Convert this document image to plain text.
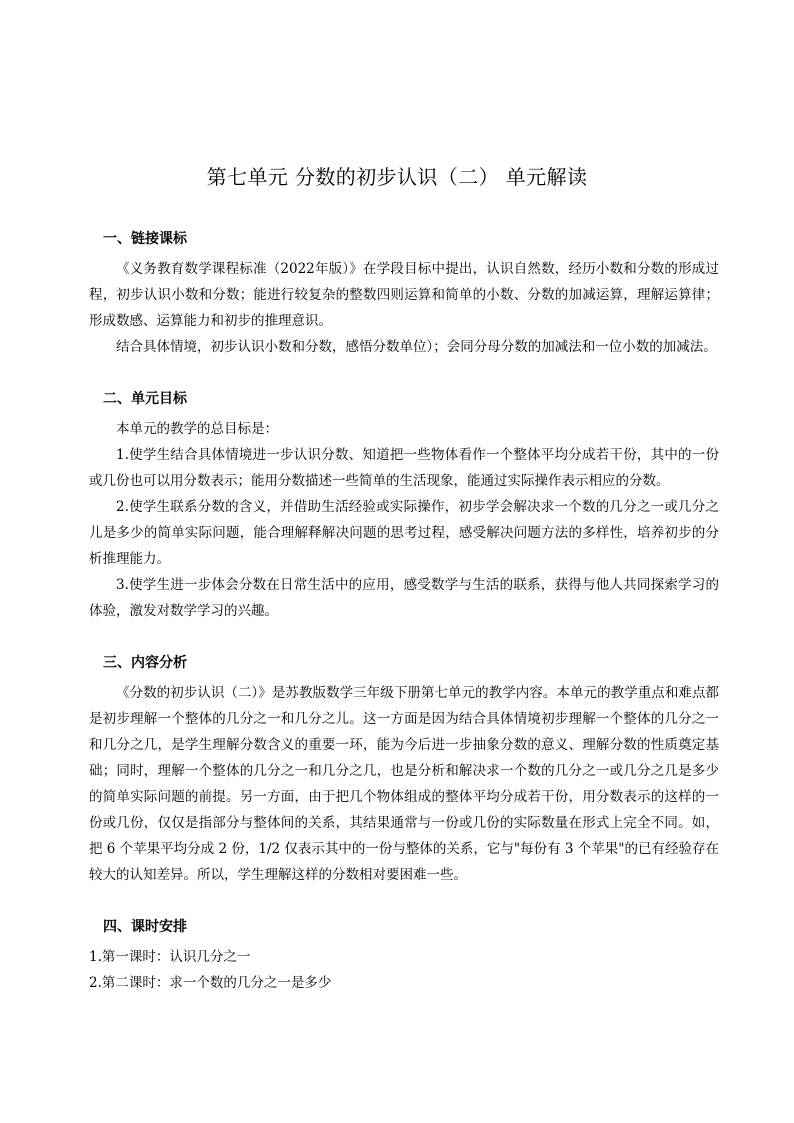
第七单元 分数的初步认识（二） 单元解读

一、链接课标

《义务教育数学课程标准（2022年版）》在学段目标中提出，认识自然数，经历小数和分数的形成过程，初步认识小数和分数；能进行较复杂的整数四则运算和简单的小数、分数的加减运算，理解运算律；形成数感、运算能力和初步的推理意识。

结合具体情境，初步认识小数和分数，感悟分数单位）；会同分母分数的加减法和一位小数的加减法。

二、单元目标

本单元的教学的总目标是：

1.使学生结合具体情境进一步认识分数、知道把一些物体看作一个整体平均分成若干份，其中的一份或几份也可以用分数表示；能用分数描述一些简单的生活现象，能通过实际操作表示相应的分数。

2.使学生联系分数的含义，并借助生活经验或实际操作，初步学会解决求一个数的几分之一或几分之儿是多少的简单实际问题，能合理解释解决问题的思考过程，感受解决问题方法的多样性，培养初步的分析推理能力。

3.使学生进一步体会分数在日常生活中的应用，感受数学与生活的联系，获得与他人共同探索学习的体验，激发对数学学习的兴趣。

三、内容分析

《分数的初步认识（二）》是苏教版数学三年级下册第七单元的教学内容。本单元的教学重点和难点都是初步理解一个整体的几分之一和几分之儿。这一方面是因为结合具体情境初步理解一个整体的几分之一和几分之几，是学生理解分数含义的重要一环，能为今后进一步抽象分数的意义、理解分数的性质奠定基础；同时，理解一个整体的几分之一和几分之几，也是分析和解决求一个数的几分之一或几分之几是多少的简单实际问题的前提。另一方面，由于把几个物体组成的整体平均分成若干份，用分数表示的这样的一份或几份，仅仅是指部分与整体间的关系，其结果通常与一份或几份的实际数量在形式上完全不同。如，把 6 个苹果平均分成 2 份，1/2 仅表示其中的一份与整体的关系，它与"每份有 3 个苹果"的已有经验存在较大的认知差异。所以，学生理解这样的分数相对要困难一些。

四、课时安排

1.第一课时：认识几分之一

2.第二课时：求一个数的几分之一是多少
